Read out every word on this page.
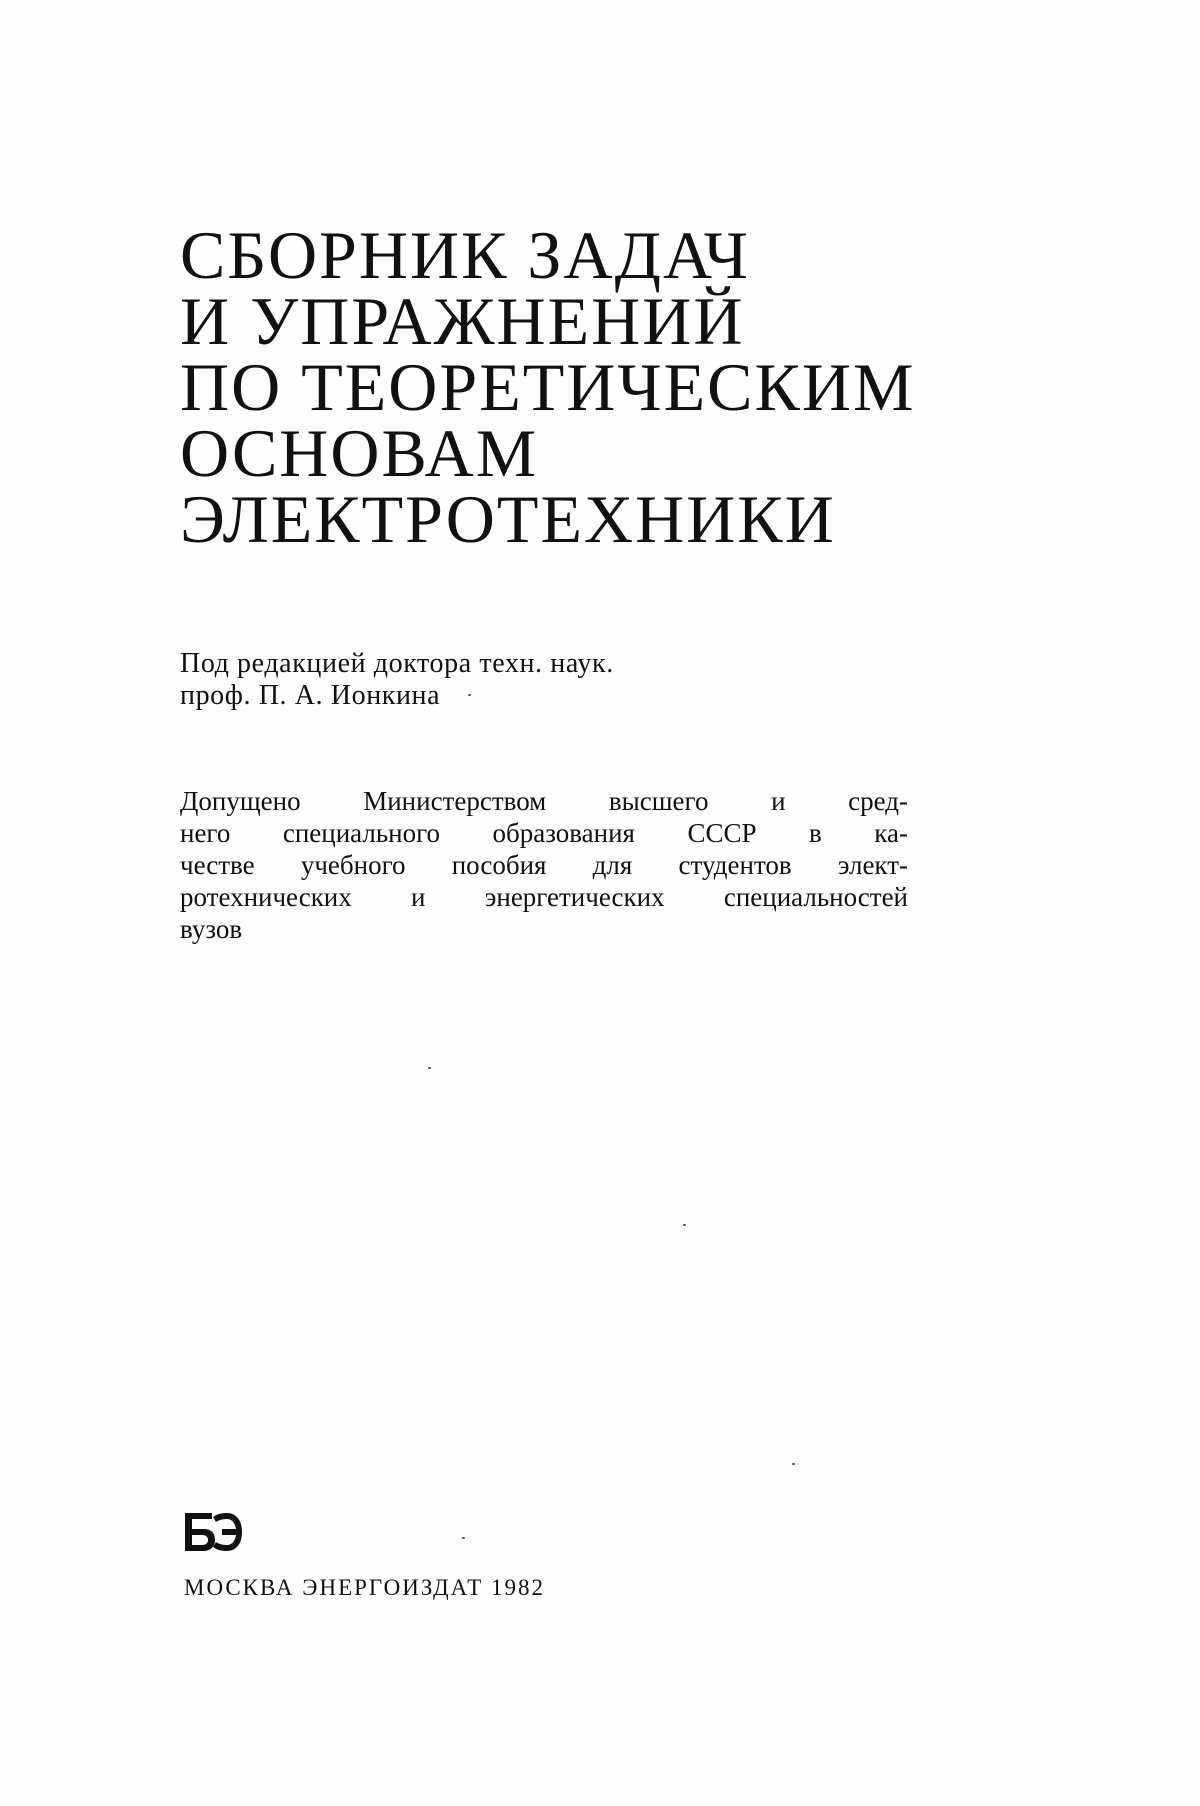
СБОРНИК ЗАДАЧ
И УПРАЖНЕНИЙ
ПО ТЕОРЕТИЧЕСКИМ
ОСНОВАМ
ЭЛЕКТРОТЕХНИКИ
Под редакцией доктора техн. наук.
проф. П. А. Ионкина
Допущено Министерством высшего и сред-
него специального образования СССР в ка-
честве учебного пособия для студентов элект-
ротехнических и энергетических специальностей
вузов
МОСКВА ЭНЕРГОИЗДАТ 1982
